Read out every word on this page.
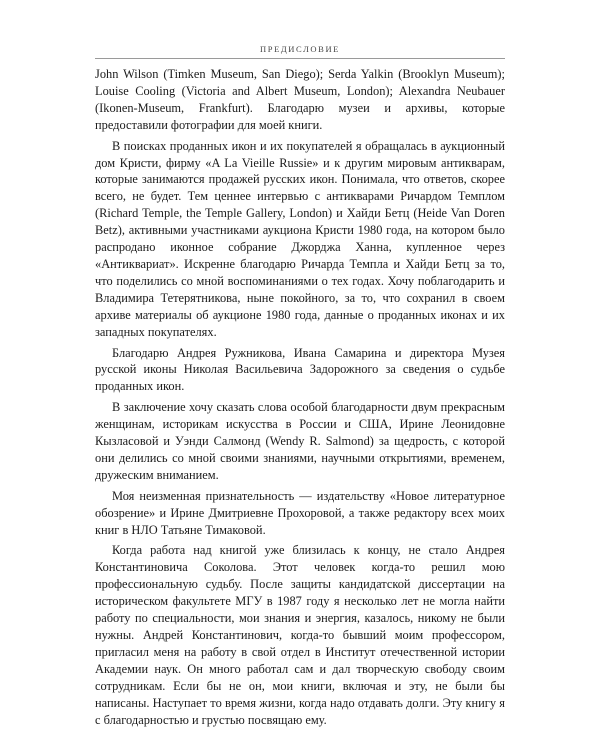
ПРЕДИСЛОВИЕ

John Wilson (Timken Museum, San Diego); Serda Yalkin (Brooklyn Museum); Louise Cooling (Victoria and Albert Museum, London); Alexandra Neubauer (Ikonen-Museum, Frankfurt). Благодарю музеи и архивы, которые предоставили фотографии для моей книги.

В поисках проданных икон и их покупателей я обращалась в аукционный дом Кристи, фирму «A La Vieille Russie» и к другим мировым антикварам, которые занимаются продажей русских икон. Понимала, что ответов, скорее всего, не будет. Тем ценнее интервью с антикварами Ричардом Темплом (Richard Temple, the Temple Gallery, London) и Хайди Бетц (Heide Van Doren Betz), активными участниками аукциона Кристи 1980 года, на котором было распродано иконное собрание Джорджа Ханна, купленное через «Антиквариат». Искренне благодарю Ричарда Темпла и Хайди Бетц за то, что поделились со мной воспоминаниями о тех годах. Хочу поблагодарить и Владимира Тетерятникова, ныне покойного, за то, что сохранил в своем архиве материалы об аукционе 1980 года, данные о проданных иконах и их западных покупателях.

Благодарю Андрея Ружникова, Ивана Самарина и директора Музея русской иконы Николая Васильевича Задорожного за сведения о судьбе проданных икон.

В заключение хочу сказать слова особой благодарности двум прекрасным женщинам, историкам искусства в России и США, Ирине Леонидовне Кызласовой и Уэнди Салмонд (Wendy R. Salmond) за щедрость, с которой они делились со мной своими знаниями, научными открытиями, временем, дружеским вниманием.

Моя неизменная признательность — издательству «Новое литературное обозрение» и Ирине Дмитриевне Прохоровой, а также редактору всех моих книг в НЛО Татьяне Тимаковой.

Когда работа над книгой уже близилась к концу, не стало Андрея Константиновича Соколова. Этот человек когда-то решил мою профессиональную судьбу. После защиты кандидатской диссертации на историческом факультете МГУ в 1987 году я несколько лет не могла найти работу по специальности, мои знания и энергия, казалось, никому не были нужны. Андрей Константинович, когда-то бывший моим профессором, пригласил меня на работу в свой отдел в Институт отечественной истории Академии наук. Он много работал сам и дал творческую свободу своим сотрудникам. Если бы не он, мои книги, включая и эту, не были бы написаны. Наступает то время жизни, когда надо отдавать долги. Эту книгу я с благодарностью и грустью посвящаю ему.
